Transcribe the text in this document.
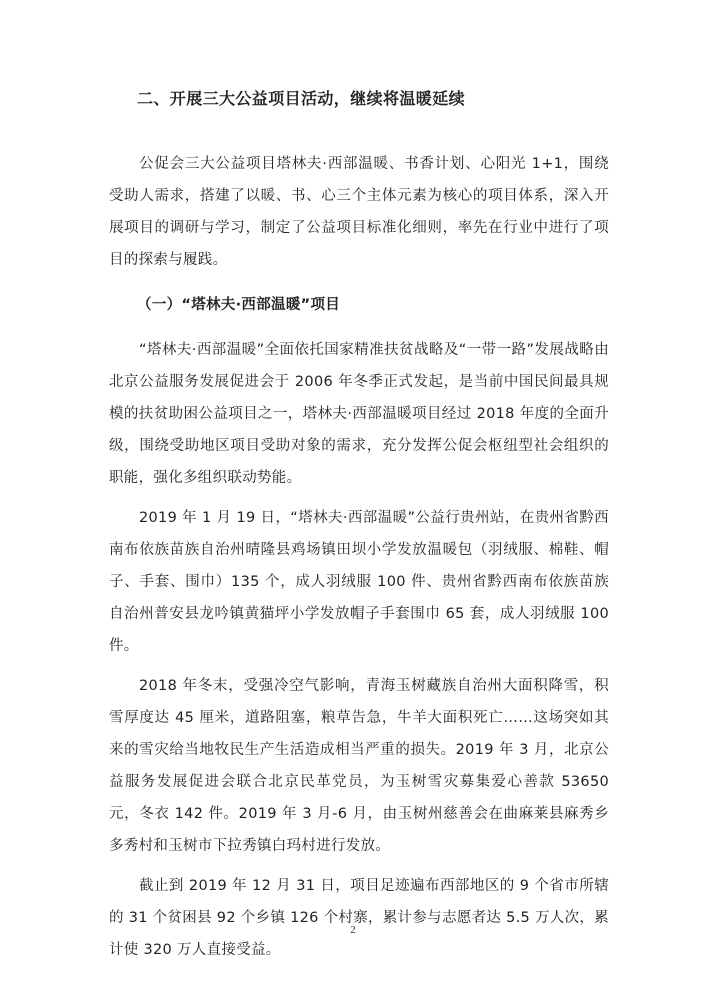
二、开展三大公益项目活动，继续将温暖延续

公促会三大公益项目塔林夫·西部温暖、书香计划、心阳光 1+1，围绕受助人需求，搭建了以暖、书、心三个主体元素为核心的项目体系，深入开展项目的调研与学习，制定了公益项目标准化细则，率先在行业中进行了项目的探索与履践。

（一）“塔林夫·西部温暖”项目

“塔林夫·西部温暖”全面依托国家精准扶贫战略及“一带一路”发展战略由北京公益服务发展促进会于 2006 年冬季正式发起，是当前中国民间最具规模的扶贫助困公益项目之一，塔林夫·西部温暖项目经过 2018 年度的全面升级，围绕受助地区项目受助对象的需求，充分发挥公促会枢纽型社会组织的职能，强化多组织联动势能。

2019 年 1 月 19 日，“塔林夫·西部温暖”公益行贵州站，在贵州省黔西南布依族苗族自治州晴隆县鸡场镇田坝小学发放温暖包（羽绒服、棉鞋、帽子、手套、围巾）135 个，成人羽绒服 100 件、贵州省黔西南布依族苗族自治州普安县龙吟镇黄猫坪小学发放帽子手套围巾 65 套，成人羽绒服 100 件。

2018 年冬末，受强冷空气影响，青海玉树藏族自治州大面积降雪，积雪厚度达 45 厘米，道路阻塞，粮草告急，牛羊大面积死亡……这场突如其来的雪灾给当地牧民生产生活造成相当严重的损失。2019 年 3 月，北京公益服务发展促进会联合北京民革党员，为玉树雪灾募集爱心善款 53650 元，冬衣 142 件。2019 年 3 月-6 月，由玉树州慈善会在曲麻莱县麻秀乡多秀村和玉树市下拉秀镇白玛村进行发放。

截止到 2019 年 12 月 31 日，项目足迹遍布西部地区的 9 个省市所辖的 31 个贫困县 92 个乡镇 126 个村寨，累计参与志愿者达 5.5 万人次，累计使 320 万人直接受益。

2
